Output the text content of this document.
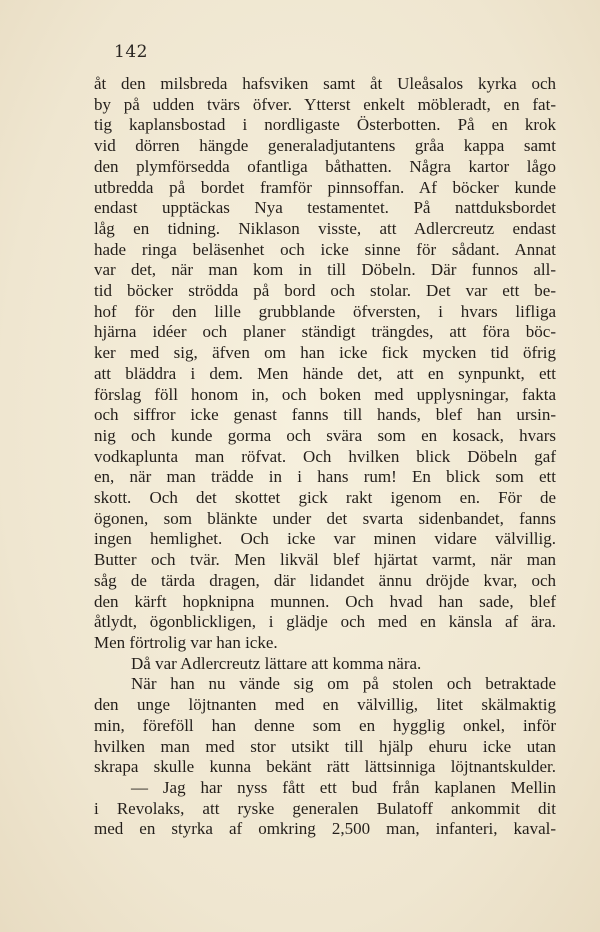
142
åt den milsbreda hafsviken samt åt Uleåsalos kyrka och
by på udden tvärs öfver. Ytterst enkelt möbleradt, en fat-
tig kaplansbostad i nordligaste Österbotten. På en krok
vid dörren hängde generaladjutantens gråa kappa samt
den plymförsedda ofantliga båthatten. Några kartor lågo
utbredda på bordet framför pinnsoffan. Af böcker kunde
endast upptäckas Nya testamentet. På nattduksbordet
låg en tidning. Niklason visste, att Adlercreutz endast
hade ringa beläsenhet och icke sinne för sådant. Annat
var det, när man kom in till Döbeln. Där funnos all-
tid böcker strödda på bord och stolar. Det var ett be-
hof för den lille grubblande öfversten, i hvars lifliga
hjärna idéer och planer ständigt trängdes, att föra böc-
ker med sig, äfven om han icke fick mycken tid öfrig
att bläddra i dem. Men hände det, att en synpunkt, ett
förslag föll honom in, och boken med upplysningar, fakta
och siffror icke genast fanns till hands, blef han ursin-
nig och kunde gorma och svära som en kosack, hvars
vodkaplunta man röfvat. Och hvilken blick Döbeln gaf
en, när man trädde in i hans rum! En blick som ett
skott. Och det skottet gick rakt igenom en. För de
ögonen, som blänkte under det svarta sidenbandet, fanns
ingen hemlighet. Och icke var minen vidare välvillig.
Butter och tvär. Men likväl blef hjärtat varmt, när man
såg de tärda dragen, där lidandet ännu dröjde kvar, och
den kärft hopknipna munnen. Och hvad han sade, blef
åtlydt, ögonblickligen, i glädje och med en känsla af ära.
Men förtrolig var han icke.
Då var Adlercreutz lättare att komma nära.
När han nu vände sig om på stolen och betraktade
den unge löjtnanten med en välvillig, litet skälmaktig
min, föreföll han denne som en hygglig onkel, inför
hvilken man med stor utsikt till hjälp ehuru icke utan
skrapa skulle kunna bekänt rätt lättsinniga löjtnantskulder.
— Jag har nyss fått ett bud från kaplanen Mellin
i Revolaks, att ryske generalen Bulatoff ankommit dit
med en styrka af omkring 2,500 man, infanteri, kaval-
